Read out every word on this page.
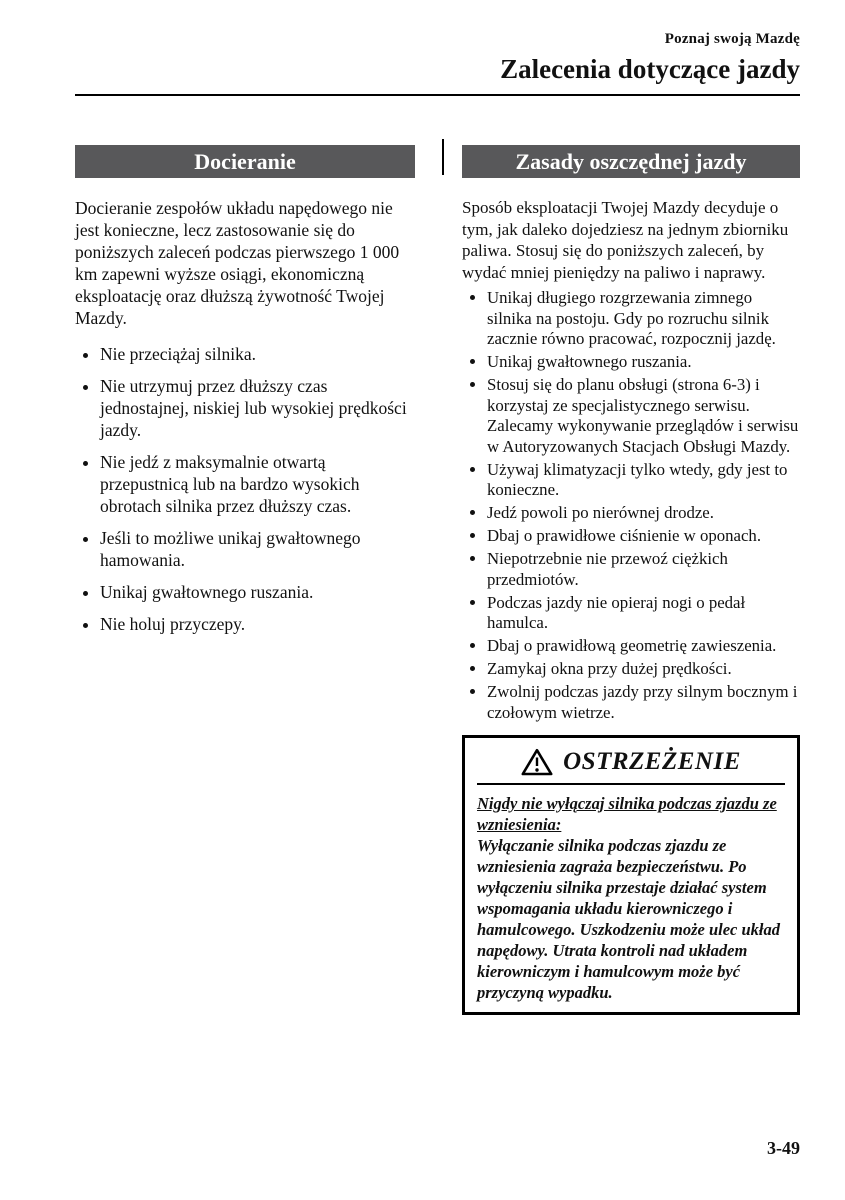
Poznaj swoją Mazdę
Zalecenia dotyczące jazdy
Docieranie

Docieranie zespołów układu napędowego nie jest konieczne, lecz zastosowanie się do poniższych zaleceń podczas pierwszego 1 000 km zapewni wyższe osiągi, ekonomiczną eksploatację oraz dłuższą żywotność Twojej Mazdy.

• Nie przeciążaj silnika.
• Nie utrzymuj przez dłuższy czas jednostajnej, niskiej lub wysokiej prędkości jazdy.
• Nie jedź z maksymalnie otwartą przepustnicą lub na bardzo wysokich obrotach silnika przez dłuższy czas.
• Jeśli to możliwe unikaj gwałtownego hamowania.
• Unikaj gwałtownego ruszania.
• Nie holuj przyczepy.
Zasady oszczędnej jazdy

Sposób eksploatacji Twojej Mazdy decyduje o tym, jak daleko dojedziesz na jednym zbiorniku paliwa. Stosuj się do poniższych zaleceń, by wydać mniej pieniędzy na paliwo i naprawy.

• Unikaj długiego rozgrzewania zimnego silnika na postoju. Gdy po rozruchu silnik zacznie równo pracować, rozpocznij jazdę.
• Unikaj gwałtownego ruszania.
• Stosuj się do planu obsługi (strona 6-3) i korzystaj ze specjalistycznego serwisu. Zalecamy wykonywanie przeglądów i serwisu w Autoryzowanych Stacjach Obsługi Mazdy.
• Używaj klimatyzacji tylko wtedy, gdy jest to konieczne.
• Jedź powoli po nierównej drodze.
• Dbaj o prawidłowe ciśnienie w oponach.
• Niepotrzebnie nie przewoź ciężkich przedmiotów.
• Podczas jazdy nie opieraj nogi o pedał hamulca.
• Dbaj o prawidłową geometrię zawieszenia.
• Zamykaj okna przy dużej prędkości.
• Zwolnij podczas jazdy przy silnym bocznym i czołowym wietrze.
OSTRZEŻENIE
Nigdy nie wyłączaj silnika podczas zjazdu ze wzniesienia:
Wyłączanie silnika podczas zjazdu ze wzniesienia zagraża bezpieczeństwu. Po wyłączeniu silnika przestaje działać system wspomagania układu kierowniczego i hamulcowego. Uszkodzeniu może ulec układ napędowy. Utrata kontroli nad układem kierowniczym i hamulcowym może być przyczyną wypadku.
3-49
